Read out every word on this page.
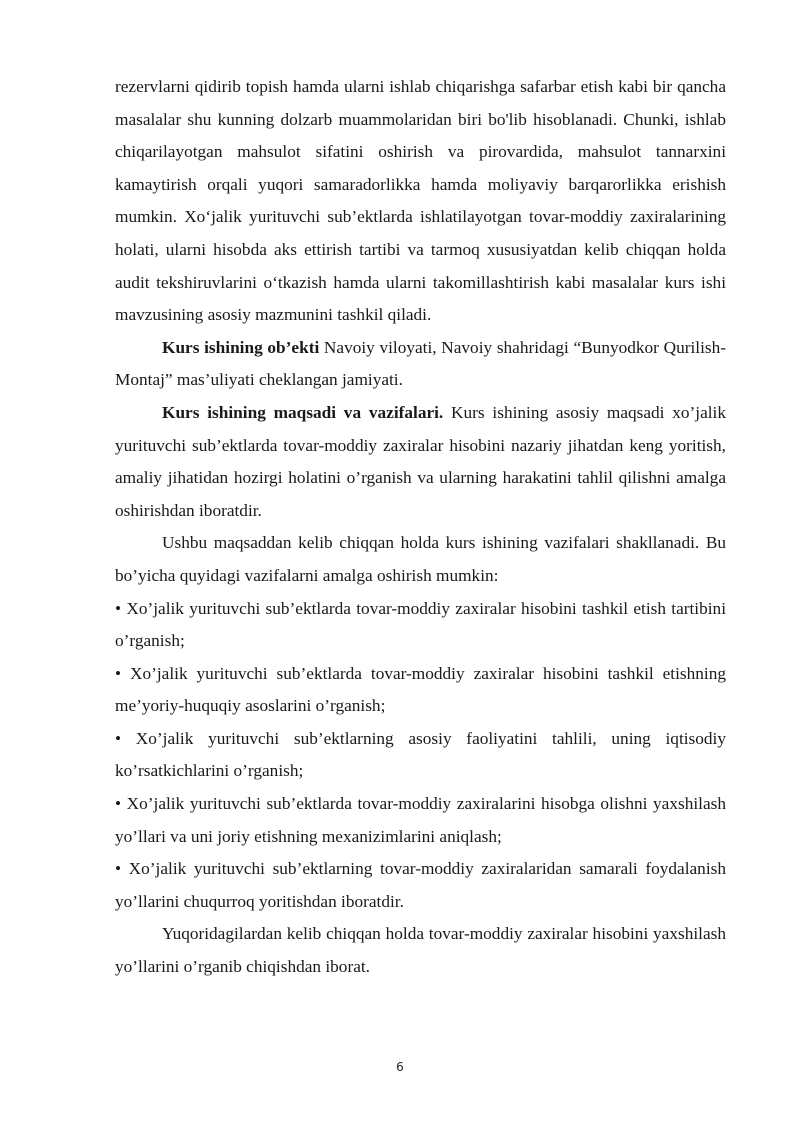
rezervlarni qidirib topish hamda ularni ishlab chiqarishga safarbar etish kabi bir qancha masalalar shu kunning dolzarb muammolaridan biri bo'lib hisoblanadi. Chunki, ishlab chiqarilayotgan mahsulot sifatini oshirish va pirovardida, mahsulot tannarxini kamaytirish orqali yuqori samaradorlikka hamda moliyaviy barqarorlikka erishish mumkin. Xo‘jalik yurituvchi sub’ektlarda ishlatilayotgan tovar-moddiy zaxiralarining holati, ularni hisobda aks ettirish tartibi va tarmoq xususiyatdan kelib chiqqan holda audit tekshiruvlarini o‘tkazish hamda ularni takomillashtirish kabi masalalar kurs ishi mavzusining asosiy mazmunini tashkil qiladi.

Kurs ishining ob’ekti Navoiy viloyati, Navoiy shahridagi “Bunyodkor Qurilish-Montaj” mas’uliyati cheklangan jamiyati.

Kurs ishining maqsadi va vazifalari. Kurs ishining asosiy maqsadi xo’jalik yurituvchi sub’ektlarda tovar-moddiy zaxiralar hisobini nazariy jihatdan keng yoritish, amaliy jihatidan hozirgi holatini o’rganish va ularning harakatini tahlil qilishni amalga oshirishdan iboratdir.

Ushbu maqsaddan kelib chiqqan holda kurs ishining vazifalari shakllanadi. Bu bo’yicha quyidagi vazifalarni amalga oshirish mumkin:

• Xo’jalik yurituvchi sub’ektlarda tovar-moddiy zaxiralar hisobini tashkil etish tartibini o’rganish;

• Xo’jalik yurituvchi sub’ektlarda tovar-moddiy zaxiralar hisobini tashkil etishning me’yoriy-huquqiy asoslarini o’rganish;

• Xo’jalik yurituvchi sub’ektlarning asosiy faoliyatini tahlili, uning iqtisodiy ko’rsatkichlarini o’rganish;

• Xo’jalik yurituvchi sub’ektlarda tovar-moddiy zaxiralarini hisobga olishni yaxshilash yo’llari va uni joriy etishning mexanizimlarini aniqlash;

• Xo’jalik yurituvchi sub’ektlarning tovar-moddiy zaxiralaridan samarali foydalanish yo’llarini chuqurroq yoritishdan iboratdir.

Yuqoridagilardan kelib chiqqan holda tovar-moddiy zaxiralar hisobini yaxshilash yo’llarini o’rganib chiqishdan iborat.

6
